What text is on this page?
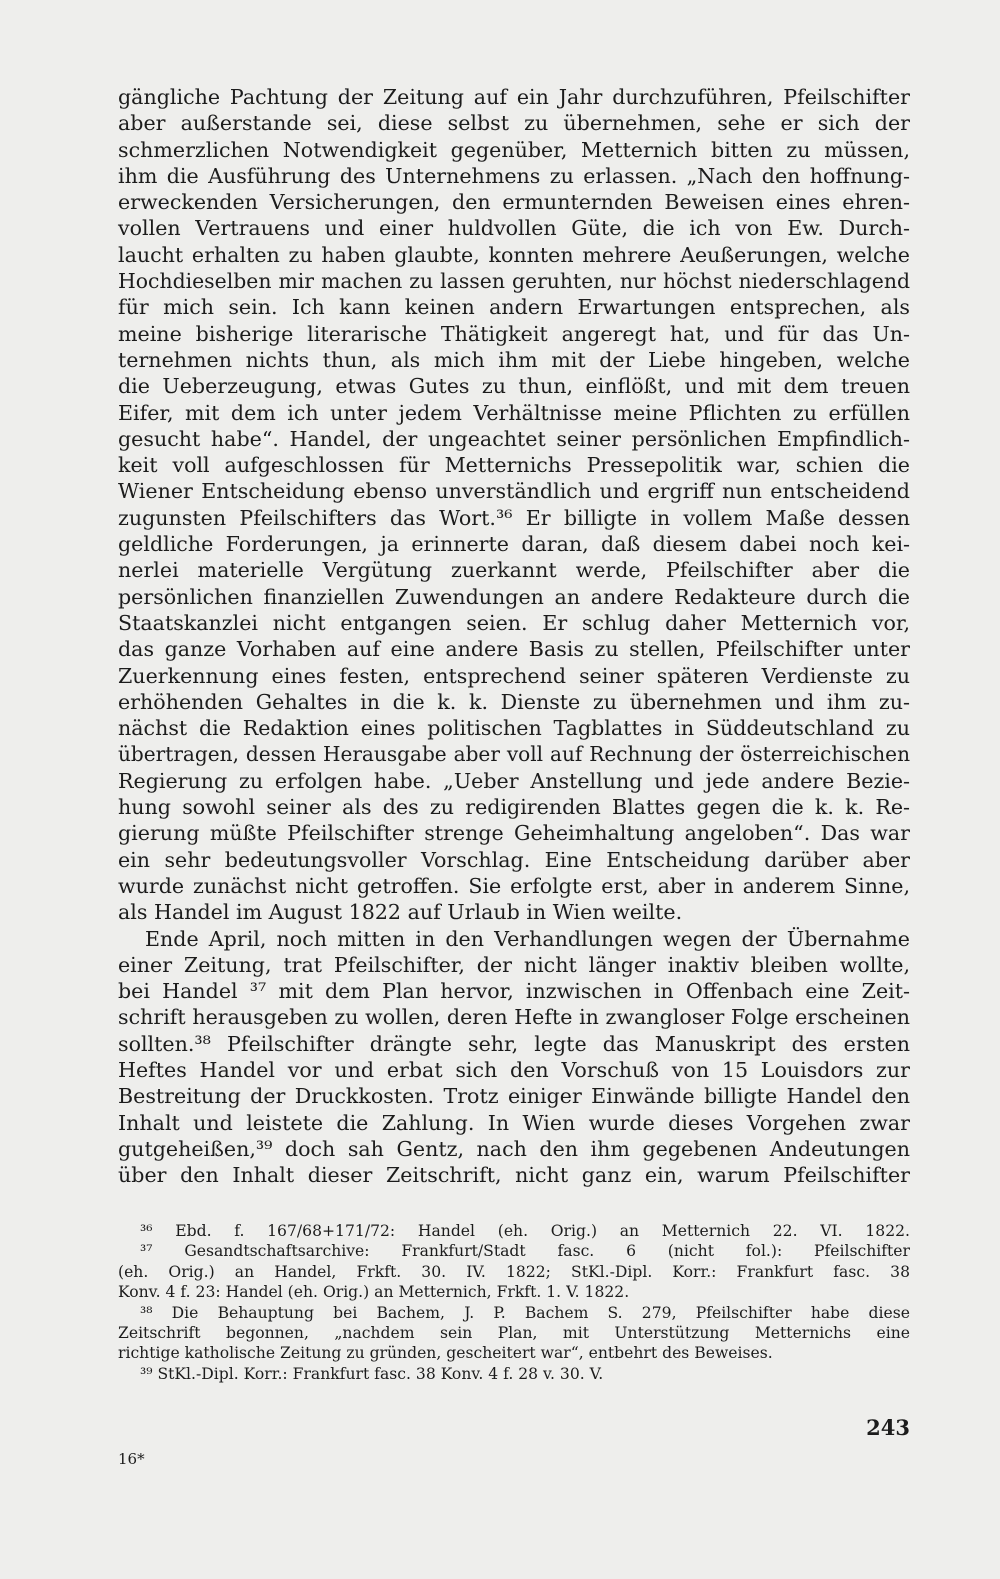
gängliche Pachtung der Zeitung auf ein Jahr durchzuführen, Pfeilschifter
aber außerstande sei, diese selbst zu übernehmen, sehe er sich der
schmerzlichen Notwendigkeit gegenüber, Metternich bitten zu müssen,
ihm die Ausführung des Unternehmens zu erlassen. „Nach den hoffnung-
erweckenden Versicherungen, den ermunternden Beweisen eines ehren-
vollen Vertrauens und einer huldvollen Güte, die ich von Ew. Durch-
laucht erhalten zu haben glaubte, konnten mehrere Aeußerungen, welche
Hochdieselben mir machen zu lassen geruhten, nur höchst niederschlagend
für mich sein. Ich kann keinen andern Erwartungen entsprechen, als
meine bisherige literarische Thätigkeit angeregt hat, und für das Un-
ternehmen nichts thun, als mich ihm mit der Liebe hingeben, welche
die Ueberzeugung, etwas Gutes zu thun, einflößt, und mit dem treuen
Eifer, mit dem ich unter jedem Verhältnisse meine Pflichten zu erfüllen
gesucht habe“. Handel, der ungeachtet seiner persönlichen Empfindlich-
keit voll aufgeschlossen für Metternichs Pressepolitik war, schien die
Wiener Entscheidung ebenso unverständlich und ergriff nun entscheidend
zugunsten Pfeilschifters das Wort.³⁶ Er billigte in vollem Maße dessen
geldliche Forderungen, ja erinnerte daran, daß diesem dabei noch kei-
nerlei materielle Vergütung zuerkannt werde, Pfeilschifter aber die
persönlichen finanziellen Zuwendungen an andere Redakteure durch die
Staatskanzlei nicht entgangen seien. Er schlug daher Metternich vor,
das ganze Vorhaben auf eine andere Basis zu stellen, Pfeilschifter unter
Zuerkennung eines festen, entsprechend seiner späteren Verdienste zu
erhöhenden Gehaltes in die k. k. Dienste zu übernehmen und ihm zu-
nächst die Redaktion eines politischen Tagblattes in Süddeutschland zu
übertragen, dessen Herausgabe aber voll auf Rechnung der österreichischen
Regierung zu erfolgen habe. „Ueber Anstellung und jede andere Bezie-
hung sowohl seiner als des zu redigirenden Blattes gegen die k. k. Re-
gierung müßte Pfeilschifter strenge Geheimhaltung angeloben“. Das war
ein sehr bedeutungsvoller Vorschlag. Eine Entscheidung darüber aber
wurde zunächst nicht getroffen. Sie erfolgte erst, aber in anderem Sinne,
als Handel im August 1822 auf Urlaub in Wien weilte.
Ende April, noch mitten in den Verhandlungen wegen der Übernahme
einer Zeitung, trat Pfeilschifter, der nicht länger inaktiv bleiben wollte,
bei Handel ³⁷ mit dem Plan hervor, inzwischen in Offenbach eine Zeit-
schrift herausgeben zu wollen, deren Hefte in zwangloser Folge erscheinen
sollten.³⁸ Pfeilschifter drängte sehr, legte das Manuskript des ersten
Heftes Handel vor und erbat sich den Vorschuß von 15 Louisdors zur
Bestreitung der Druckkosten. Trotz einiger Einwände billigte Handel den
Inhalt und leistete die Zahlung. In Wien wurde dieses Vorgehen zwar
gutgeheißen,³⁹ doch sah Gentz, nach den ihm gegebenen Andeutungen
über den Inhalt dieser Zeitschrift, nicht ganz ein, warum Pfeilschifter
³⁶ Ebd. f. 167/68+171/72: Handel (eh. Orig.) an Metternich 22. VI. 1822.
³⁷ Gesandtschaftsarchive: Frankfurt/Stadt fasc. 6 (nicht fol.): Pfeilschifter
(eh. Orig.) an Handel, Frkft. 30. IV. 1822; StKl.-Dipl. Korr.: Frankfurt fasc. 38
Konv. 4 f. 23: Handel (eh. Orig.) an Metternich, Frkft. 1. V. 1822.
³⁸ Die Behauptung bei Bachem, J. P. Bachem S. 279, Pfeilschifter habe diese
Zeitschrift begonnen, „nachdem sein Plan, mit Unterstützung Metternichs eine
richtige katholische Zeitung zu gründen, gescheitert war“, entbehrt des Beweises.
³⁹ StKl.-Dipl. Korr.: Frankfurt fasc. 38 Konv. 4 f. 28 v. 30. V.
243
16*
